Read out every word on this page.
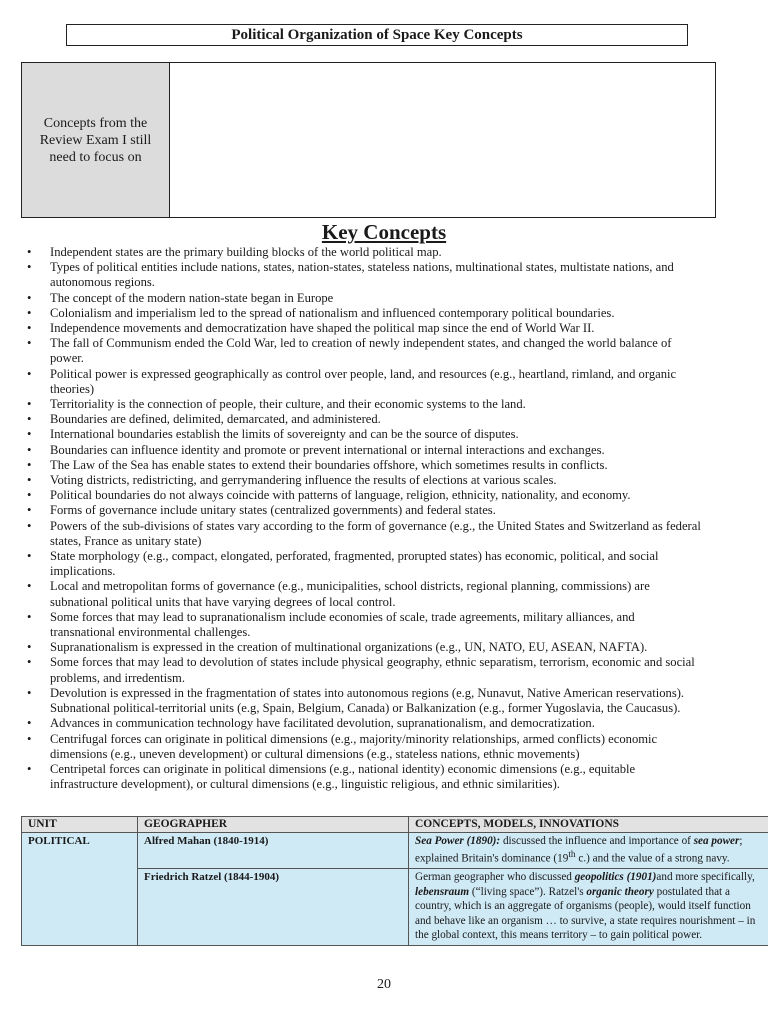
Political Organization of Space Key Concepts
Concepts from the Review Exam I still need to focus on
Key Concepts
• Independent states are the primary building blocks of the world political map.
• Types of political entities include nations, states, nation-states, stateless nations, multinational states, multistate nations, and autonomous regions.
• The concept of the modern nation-state began in Europe
• Colonialism and imperialism led to the spread of nationalism and influenced contemporary political boundaries.
• Independence movements and democratization have shaped the political map since the end of World War II.
• The fall of Communism ended the Cold War, led to creation of newly independent states, and changed the world balance of power.
• Political power is expressed geographically as control over people, land, and resources (e.g., heartland, rimland, and organic theories)
• Territoriality is the connection of people, their culture, and their economic systems to the land.
• Boundaries are defined, delimited, demarcated, and administered.
• International boundaries establish the limits of sovereignty and can be the source of disputes.
• Boundaries can influence identity and promote or prevent international or internal interactions and exchanges.
• The Law of the Sea has enable states to extend their boundaries offshore, which sometimes results in conflicts.
• Voting districts, redistricting, and gerrymandering influence the results of elections at various scales.
• Political boundaries do not always coincide with patterns of language, religion, ethnicity, nationality, and economy.
• Forms of governance include unitary states (centralized governments) and federal states.
• Powers of the sub-divisions of states vary according to the form of governance (e.g., the United States and Switzerland as federal states, France as unitary state)
• State morphology (e.g., compact, elongated, perforated, fragmented, prorupted states) has economic, political, and social implications.
• Local and metropolitan forms of governance (e.g., municipalities, school districts, regional planning, commissions) are subnational political units that have varying degrees of local control.
• Some forces that may lead to supranationalism include economies of scale, trade agreements, military alliances, and transnational environmental challenges.
• Supranationalism is expressed in the creation of multinational organizations (e.g., UN, NATO, EU, ASEAN, NAFTA).
• Some forces that may lead to devolution of states include physical geography, ethnic separatism, terrorism, economic and social problems, and irredentism.
• Devolution is expressed in the fragmentation of states into autonomous regions (e.g, Nunavut, Native American reservations). Subnational political-territorial units (e.g, Spain, Belgium, Canada) or Balkanization (e.g., former Yugoslavia, the Caucasus).
• Advances in communication technology have facilitated devolution, supranationalism, and democratization.
• Centrifugal forces can originate in political dimensions (e.g., majority/minority relationships, armed conflicts) economic dimensions (e.g., uneven development) or cultural dimensions (e.g., stateless nations, ethnic movements)
• Centripetal forces can originate in political dimensions (e.g., national identity) economic dimensions (e.g., equitable infrastructure development), or cultural dimensions (e.g., linguistic religious, and ethnic similarities).
UNIT	GEOGRAPHER	CONCEPTS, MODELS, INNOVATIONS
POLITICAL	Alfred Mahan (1840-1914)	Sea Power (1890): discussed the influence and importance of sea power; explained Britain's dominance (19th c.) and the value of a strong navy.
	Friedrich Ratzel (1844-1904)	German geographer who discussed geopolitics (1901)and more specifically, lebensraum (“living space”). Ratzel's organic theory postulated that a country, which is an aggregate of organisms (people), would itself function and behave like an organism … to survive, a state requires nourishment – in the global context, this means territory – to gain political power.
20
